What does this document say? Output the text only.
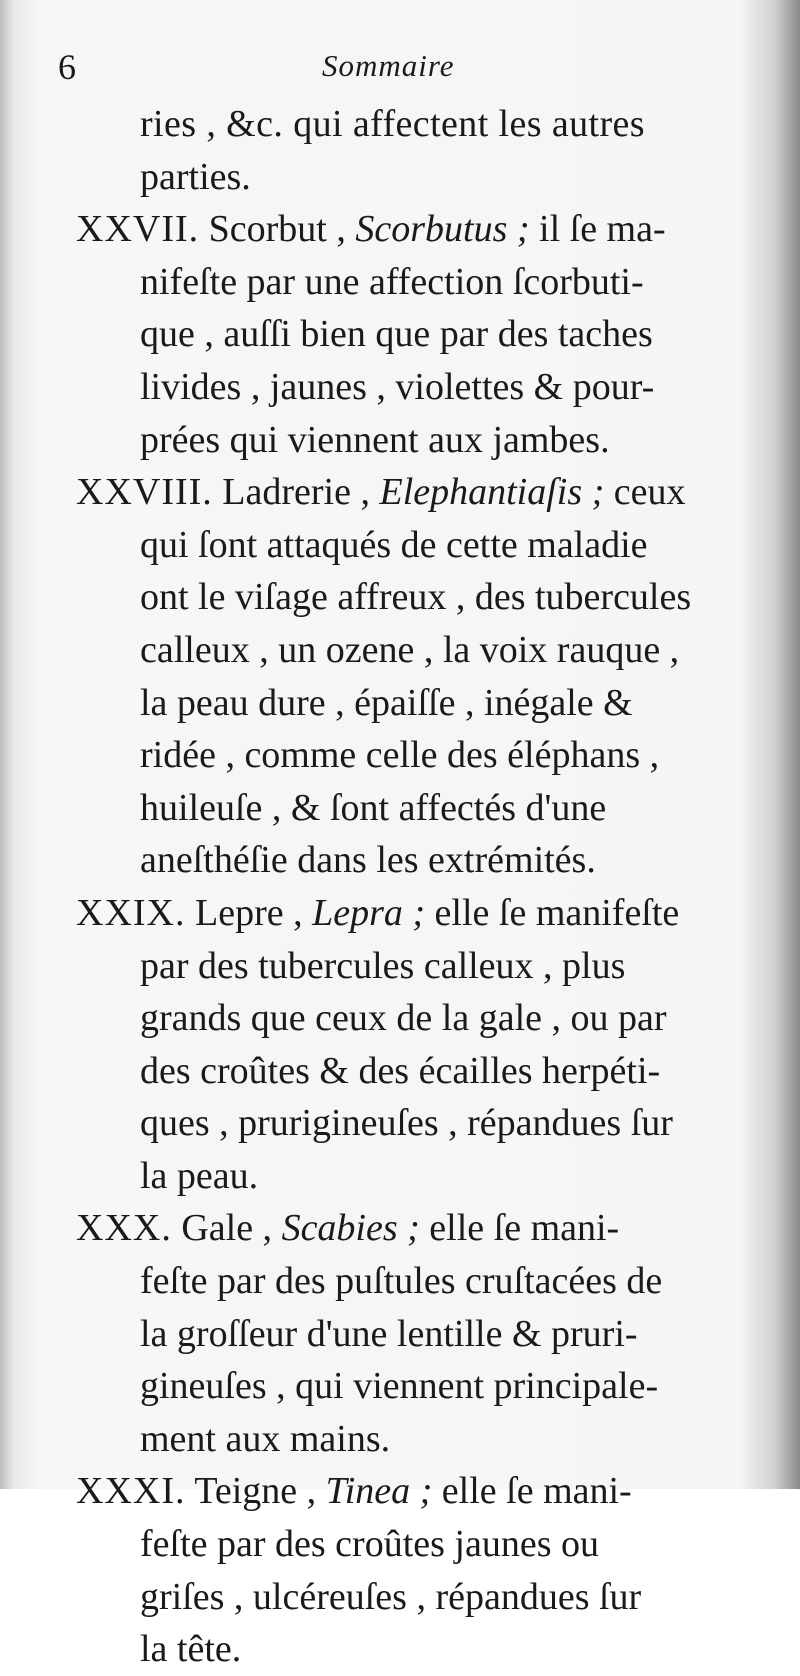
6	Sommaire
ries , &c. qui affectent les autres
parties.
XXVII. Scorbut , Scorbutus ; il ſe ma-
nifeſte par une affection ſcorbuti-
que , auſſi bien que par des taches
livides , jaunes , violettes & pour-
prées qui viennent aux jambes.
XXVIII. Ladrerie , Elephantiaſis ; ceux
qui ſont attaqués de cette maladie
ont le viſage affreux , des tubercules
calleux , un ozene , la voix rauque ,
la peau dure , épaiſſe , inégale &
ridée , comme celle des éléphans ,
huileuſe , & ſont affectés d'une
aneſthéſie dans les extrémités.
XXIX. Lepre , Lepra ; elle ſe manifeſte
par des tubercules calleux , plus
grands que ceux de la gale , ou par
des croûtes & des écailles herpéti-
ques , prurigineuſes , répandues ſur
la peau.
XXX. Gale , Scabies ; elle ſe mani-
feſte par des puſtules cruſtacées de
la groſſeur d'une lentille & pruri-
gineuſes , qui viennent principale-
ment aux mains.
XXXI. Teigne , Tinea ; elle ſe mani-
feſte par des croûtes jaunes ou
griſes , ulcéreuſes , répandues ſur
la tête.
